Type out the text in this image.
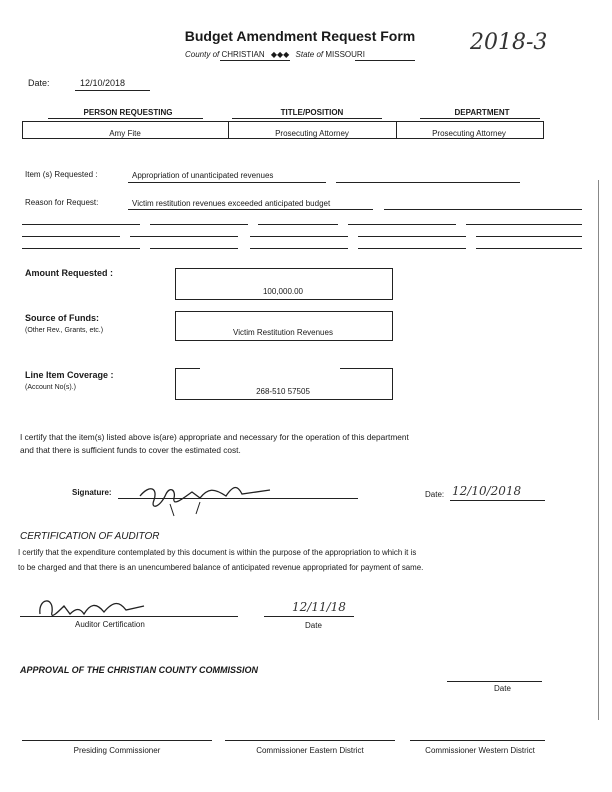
Budget Amendment Request Form
County of CHRISTIAN ◆◆◆ State of MISSOURI	2018-3
Date:	12/10/2018
PERSON REQUESTING	TITLE/POSITION	DEPARTMENT
Amy Fite	Prosecuting Attorney	Prosecuting Attorney
Item (s) Requested :	Appropriation of unanticipated revenues
Reason for Request:	Victim restitution revenues exceeded anticipated budget
Amount Requested :
100,000.00
Source of Funds:
(Other Rev., Grants, etc.)	Victim Restitution Revenues
Line Item Coverage :
(Account No(s).)	268-510 57505
I certify that the item(s) listed above is(are) appropriate and necessary for the operation of this department
and that there is sufficient funds to cover the estimated cost.
Signature:	Date: 12/10/2018
CERTIFICATION OF AUDITOR
I certify that the expenditure contemplated by this document is within the purpose of the appropriation to which it is
to be charged and that there is an unencumbered balance of anticipated revenue appropriated for payment of same.
Auditor Certification
12/11/18
Date
APPROVAL OF THE CHRISTIAN COUNTY COMMISSION
Date
Presiding Commissioner	Commissioner Eastern District	Commissioner Western District
